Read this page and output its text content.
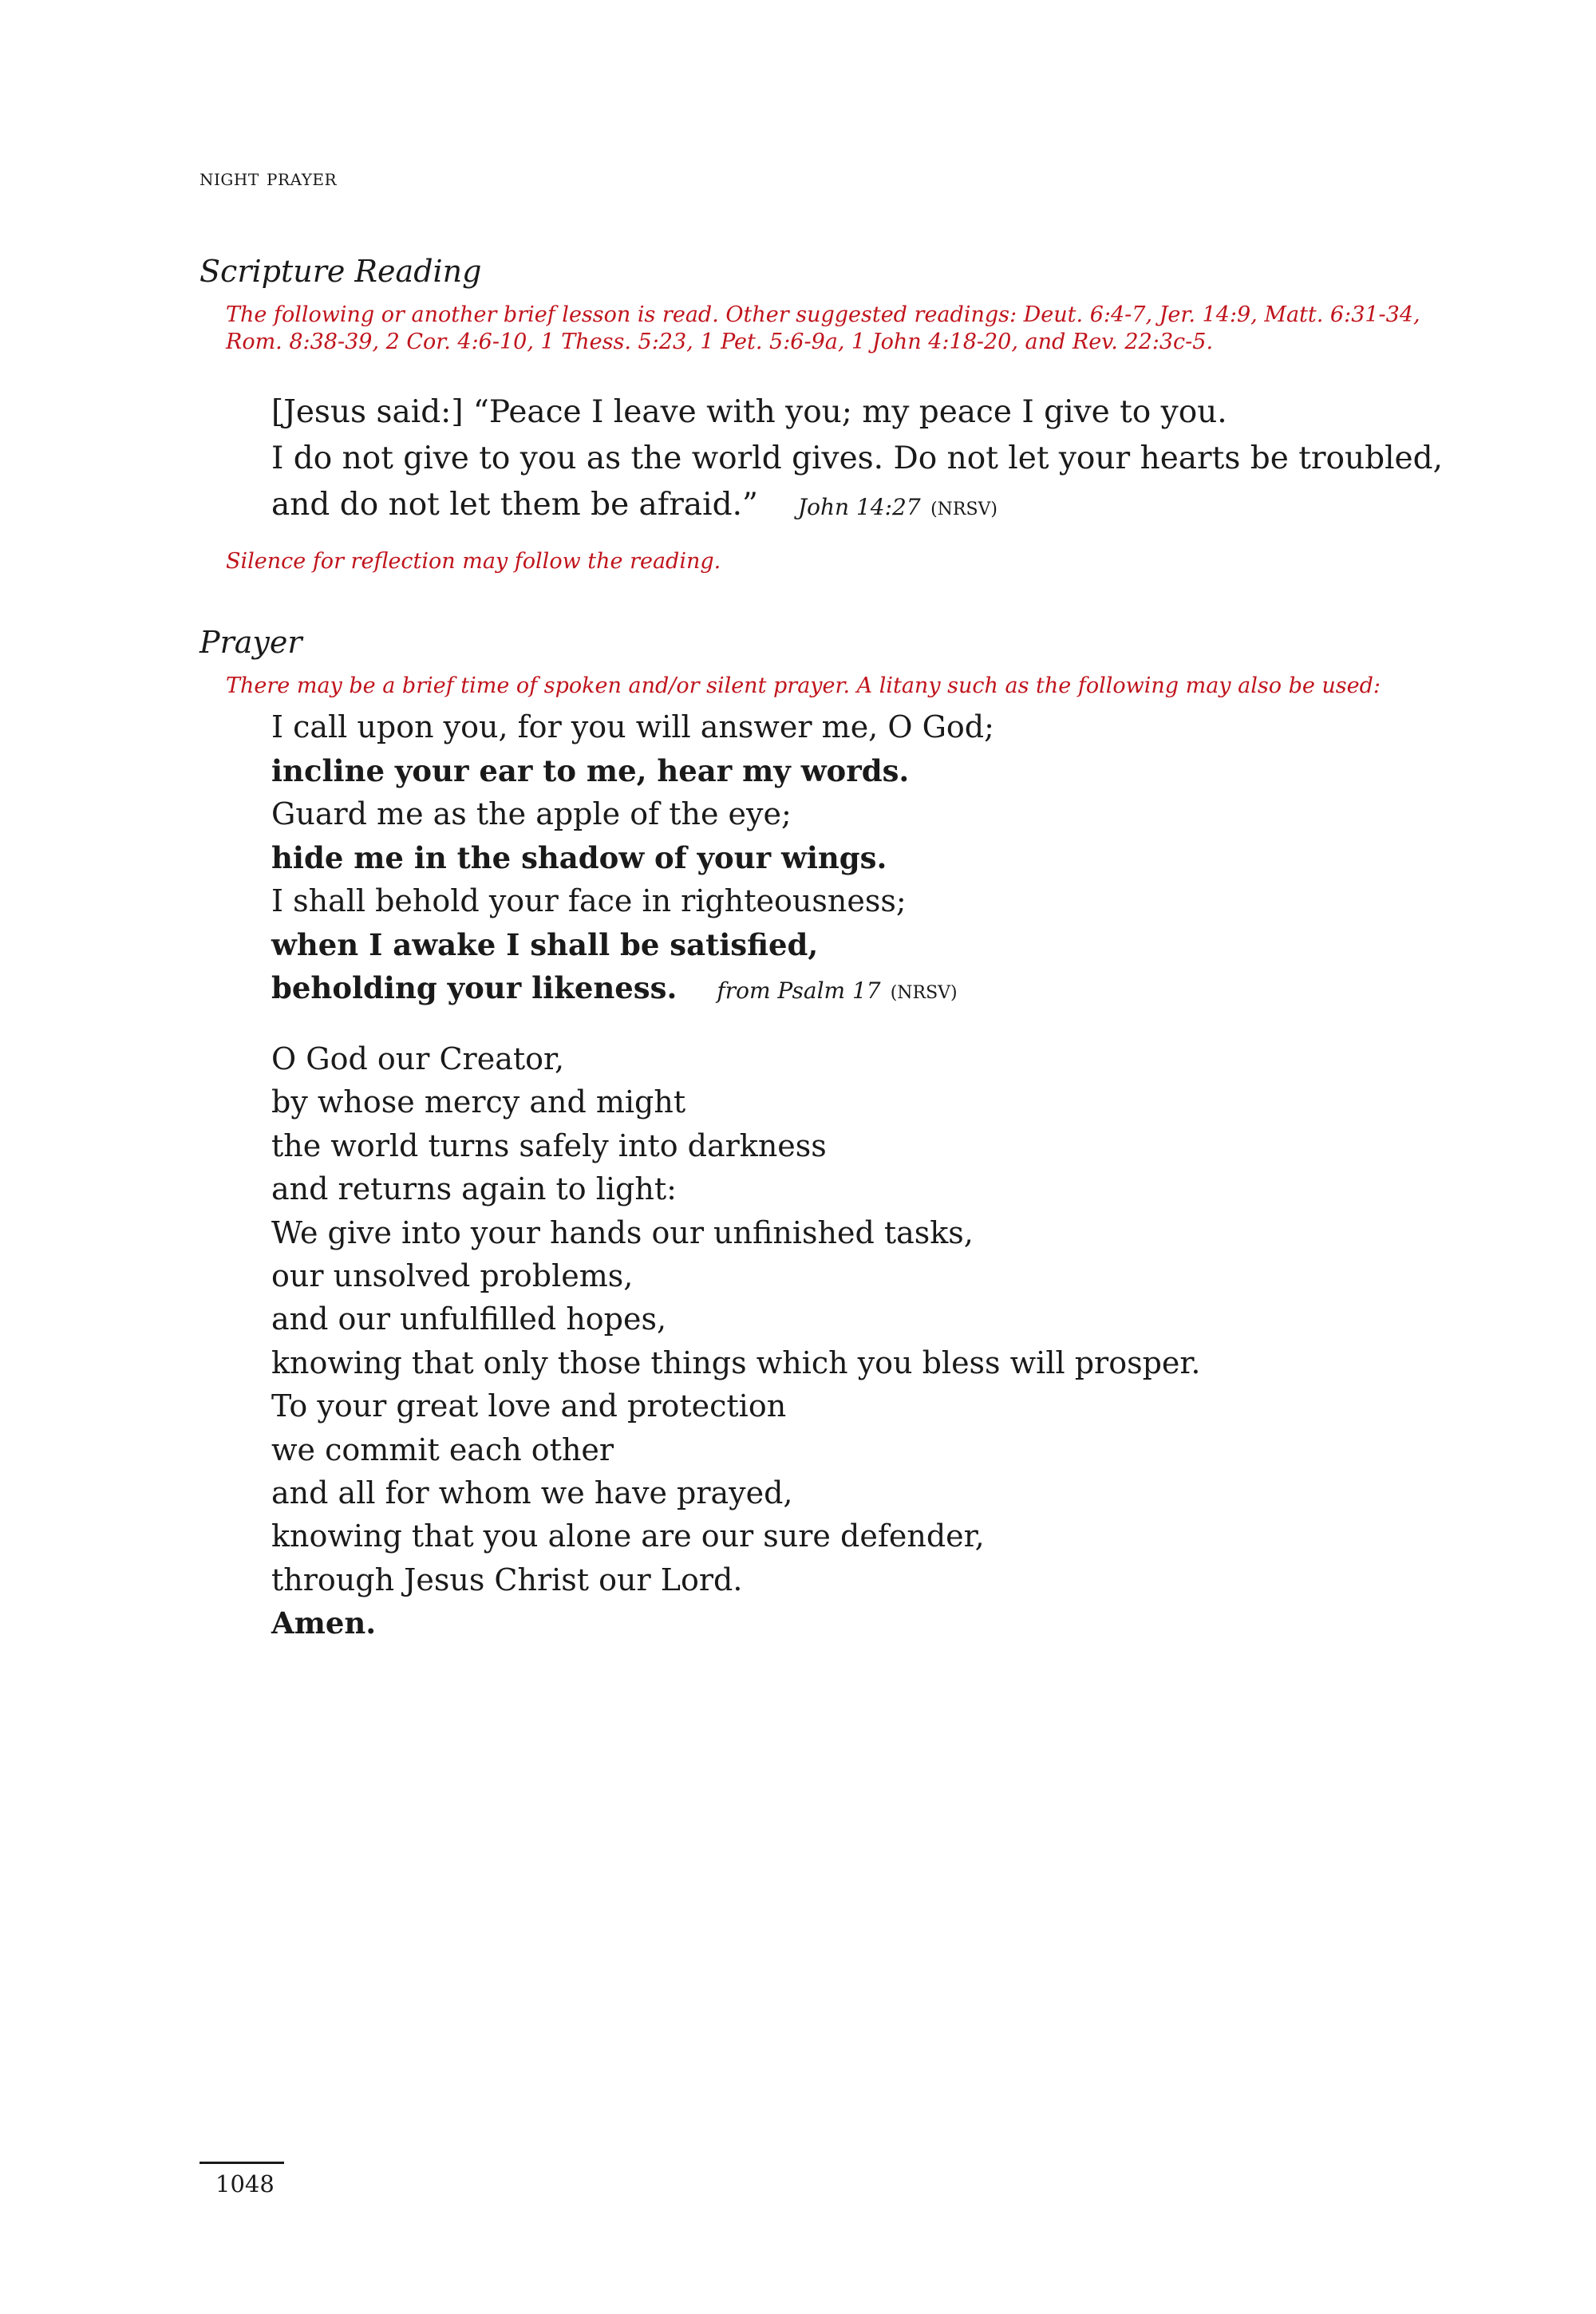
night prayer
Scripture Reading
The following or another brief lesson is read. Other suggested readings: Deut. 6:4-7, Jer. 14:9, Matt. 6:31-34,
Rom. 8:38-39, 2 Cor. 4:6-10, 1 Thess. 5:23, 1 Pet. 5:6-9a, 1 John 4:18-20, and Rev. 22:3c-5.
[Jesus said:] “Peace I leave with you; my peace I give to you.
I do not give to you as the world gives. Do not let your hearts be troubled,
and do not let them be afraid.” John 14:27 (NRSV)
Silence for reflection may follow the reading.
Prayer
There may be a brief time of spoken and/or silent prayer. A litany such as the following may also be used:
I call upon you, for you will answer me, O God;
incline your ear to me, hear my words.
Guard me as the apple of the eye;
hide me in the shadow of your wings.
I shall behold your face in righteousness;
when I awake I shall be satisfied,
beholding your likeness. from Psalm 17 (NRSV)
O God our Creator,
by whose mercy and might
the world turns safely into darkness
and returns again to light:
We give into your hands our unfinished tasks,
our unsolved problems,
and our unfulfilled hopes,
knowing that only those things which you bless will prosper.
To your great love and protection
we commit each other
and all for whom we have prayed,
knowing that you alone are our sure defender,
through Jesus Christ our Lord.
Amen.
1048
